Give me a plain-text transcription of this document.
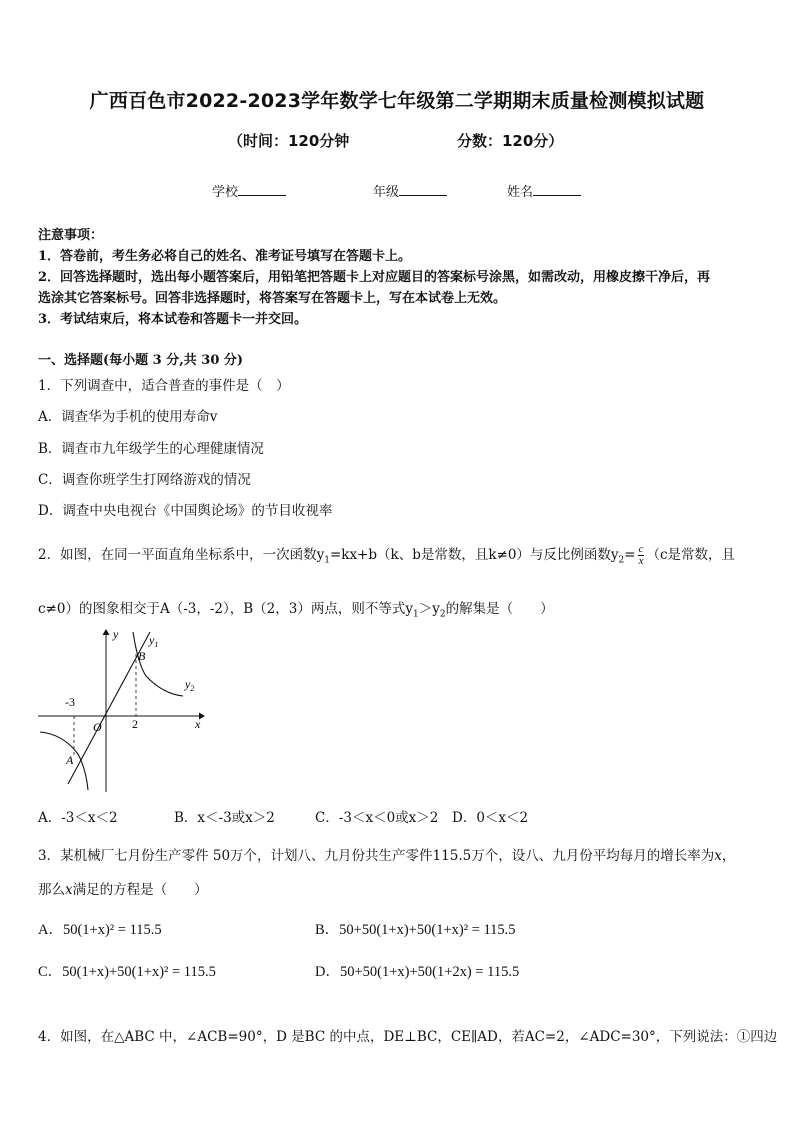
广西百色市2022-2023学年数学七年级第二学期期末质量检测模拟试题
（时间：120分钟	分数：120分）
学校	年级	姓名
注意事项：
1．答卷前，考生务必将自己的姓名、准考证号填写在答题卡上。
2．回答选择题时，选出每小题答案后，用铅笔把答题卡上对应题目的答案标号涂黑，如需改动，用橡皮擦干净后，再
选涂其它答案标号。回答非选择题时，将答案写在答题卡上，写在本试卷上无效。
3．考试结束后，将本试卷和答题卡一并交回。
一、选择题(每小题 3 分,共 30 分)
1．下列调查中，适合普查的事件是（　）
A．调查华为手机的使用寿命v
B．调查市九年级学生的心理健康情况
C．调查你班学生打网络游戏的情况
D．调查中央电视台《中国舆论场》的节目收视率
2．如图，在同一平面直角坐标系中，一次函数$y_1=kx+b(k$、b是常数，且k≠0）与反比例函数$y_2= \frac{c}{x} (c$是常数，且
c≠0）的图象相交于A（-3，-2），B（2，3）两点，则不等式$y_1>y_2$的解集是（　　）
y
x
O
$y_1$
$y_2$
B
A
-3
2
A．-3＜x＜2	B．x＜-3或x＞2	C．-3＜x＜0或x＞2 D．0＜x＜2
3．某机械厂七月份生产零件 50万个，计划八、九月份共生产零件115.5万个，设八、九月份平均每月的增长率为x，
那么x满足的方程是（　　）
A．50(1+x)² = 115.5	B．50+50(1+x)+50(1+x)² = 115.5
C．50(1+x)+50(1+x)² = 115.5	D．50+50(1+x)+50(1+2x) = 115.5
4．如图，在△ABC 中，∠ACB=90°，D 是BC 的中点，DE⊥BC，CE∥AD，若AC=2，∠ADC=30°，下列说法：①四边
